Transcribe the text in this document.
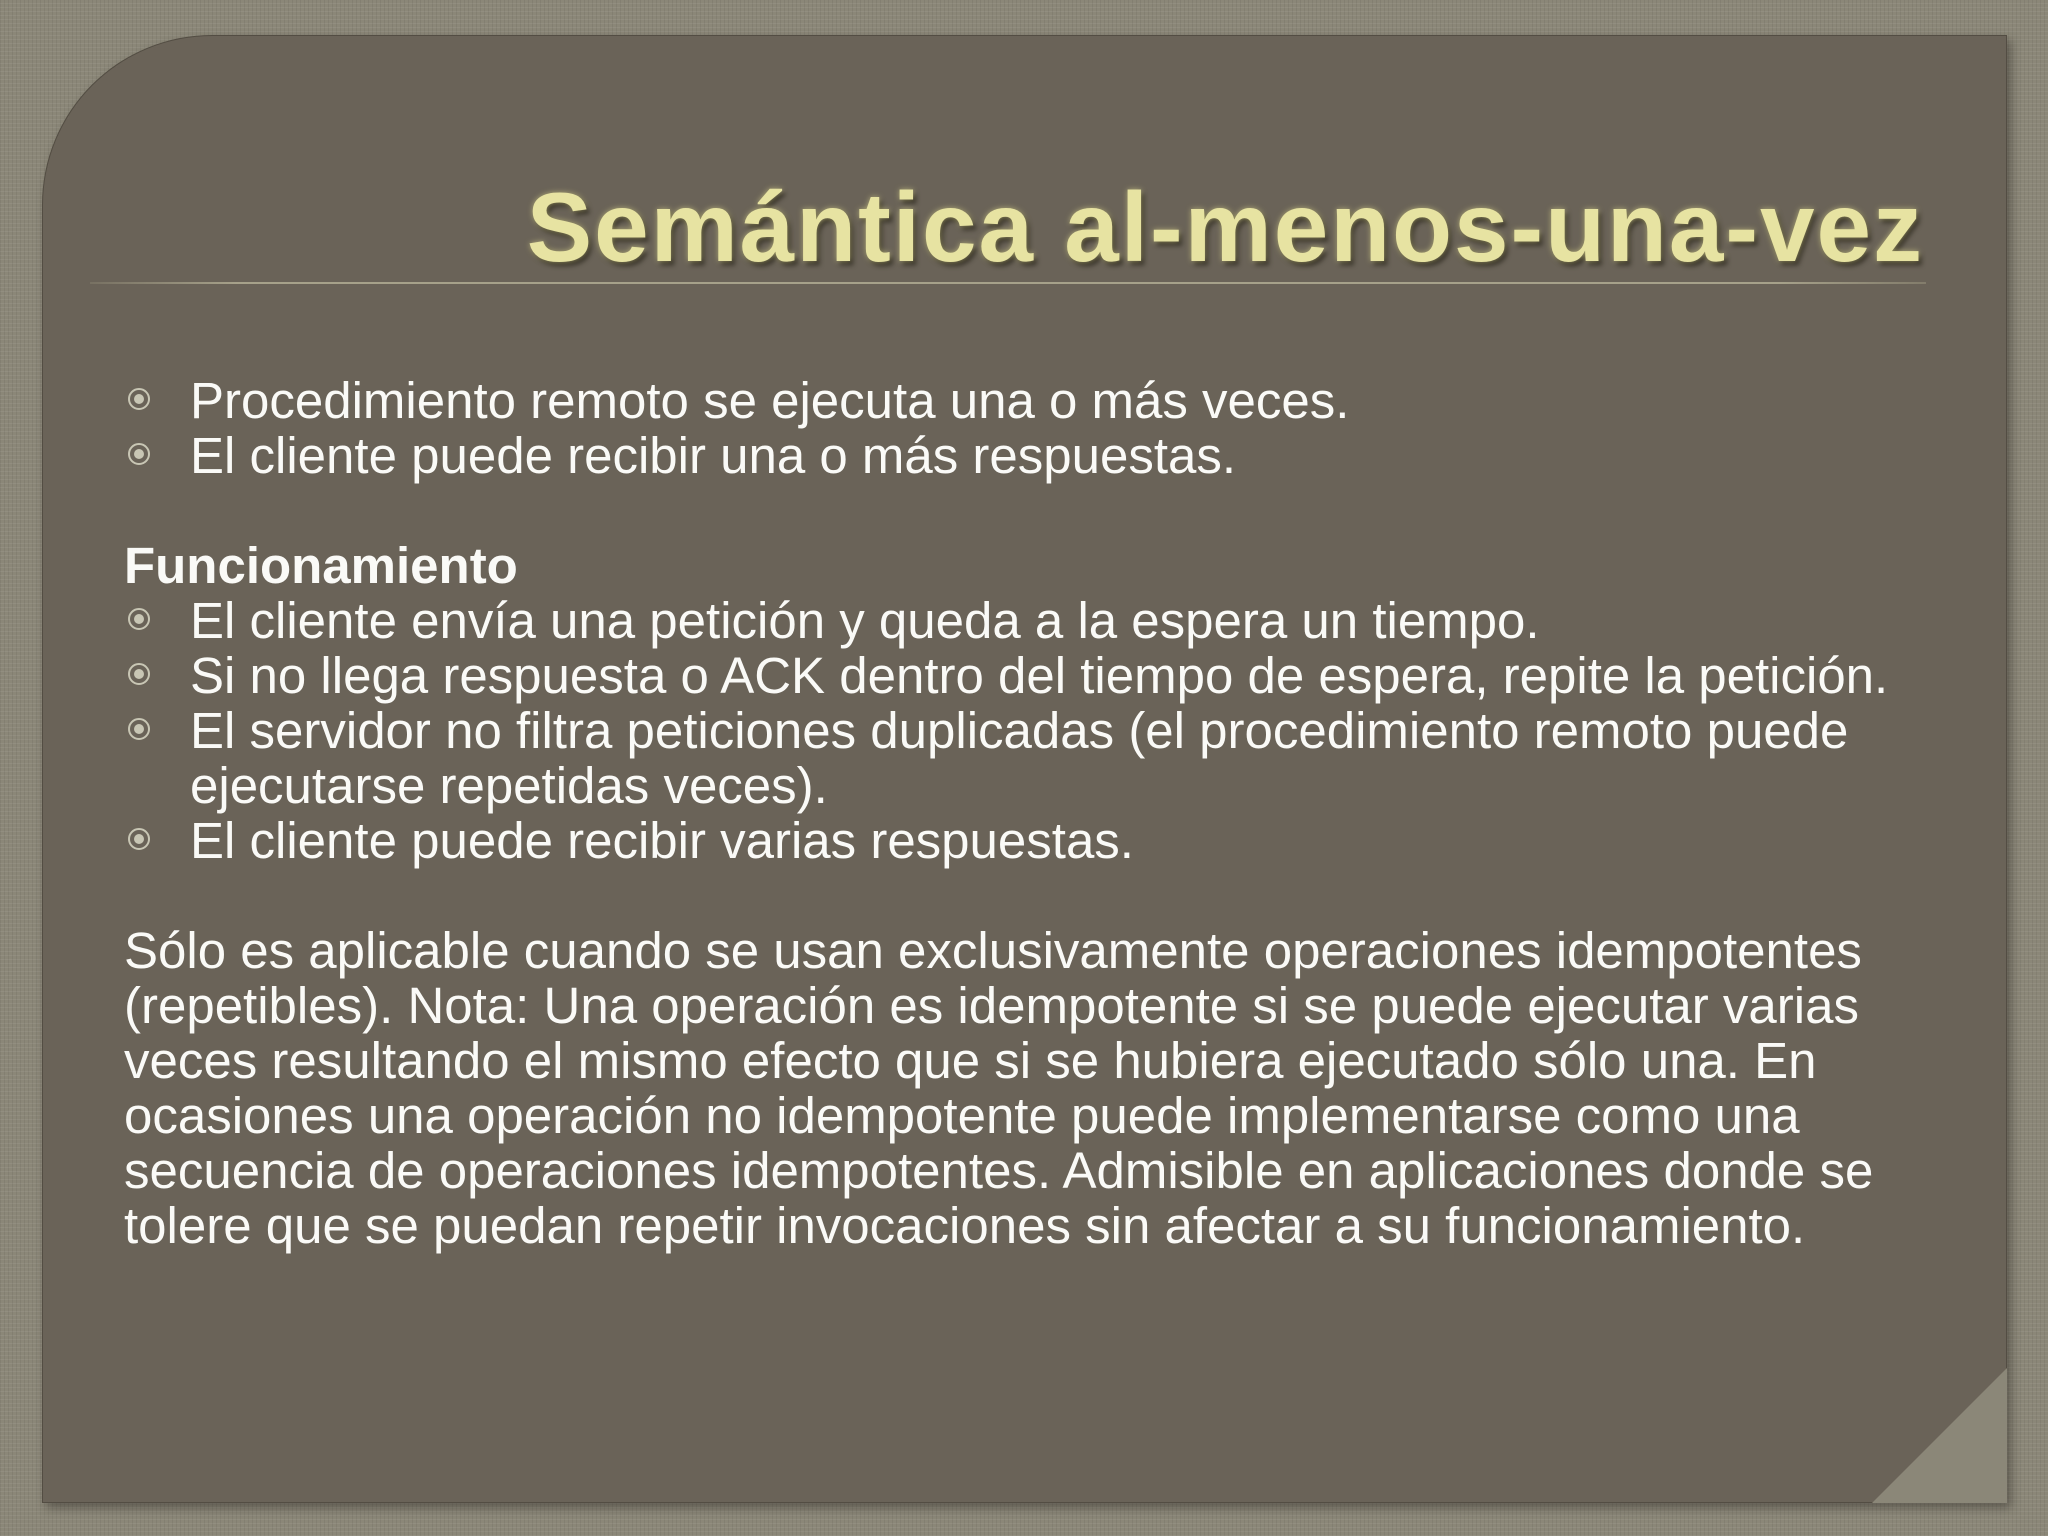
Semántica al-menos-una-vez
Procedimiento remoto se ejecuta una o más veces.
El cliente puede recibir una o más respuestas.

Funcionamiento

El cliente envía una petición y queda a la espera un tiempo.
Si no llega respuesta o ACK dentro del tiempo de espera, repite la petición.
El servidor no filtra peticiones duplicadas (el procedimiento remoto puede ejecutarse repetidas veces).
El cliente puede recibir varias respuestas.

Sólo es aplicable cuando se usan exclusivamente operaciones idempotentes (repetibles). Nota: Una operación es idempotente si se puede ejecutar varias veces resultando el mismo efecto que si se hubiera ejecutado sólo una. En ocasiones una operación no idempotente puede implementarse como una secuencia de operaciones idempotentes. Admisible en aplicaciones donde se tolere que se puedan repetir invocaciones sin afectar a su funcionamiento.
